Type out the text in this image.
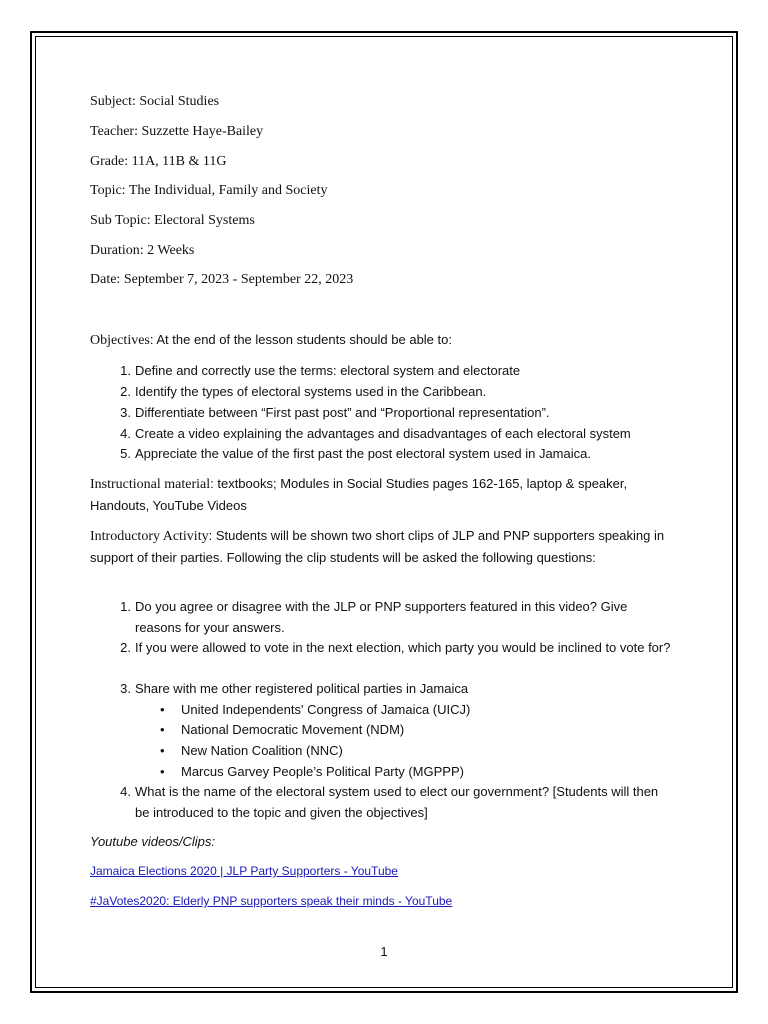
Subject: Social Studies
Teacher: Suzzette Haye-Bailey
Grade: 11A, 11B & 11G
Topic: The Individual, Family and Society
Sub Topic: Electoral Systems
Duration: 2 Weeks
Date: September 7, 2023 - September 22, 2023
Objectives: At the end of the lesson students should be able to:
1. Define and correctly use the terms: electoral system and electorate
2. Identify the types of electoral systems used in the Caribbean.
3. Differentiate between “First past post” and “Proportional representation”.
4. Create a video explaining the advantages and disadvantages of each electoral system
5. Appreciate the value of the first past the post electoral system used in Jamaica.
Instructional material: textbooks; Modules in Social Studies pages 162-165, laptop & speaker, Handouts, YouTube Videos
Introductory Activity: Students will be shown two short clips of JLP and PNP supporters speaking in support of their parties. Following the clip students will be asked the following questions:
1. Do you agree or disagree with the JLP or PNP supporters featured in this video? Give reasons for your answers.
2. If you were allowed to vote in the next election, which party you would be inclined to vote for?
3. Share with me other registered political parties in Jamaica
• United Independents' Congress of Jamaica (UICJ)
• National Democratic Movement (NDM)
• New Nation Coalition (NNC)
• Marcus Garvey People’s Political Party (MGPPP)
4. What is the name of the electoral system used to elect our government? [Students will then be introduced to the topic and given the objectives]
Youtube videos/Clips:
Jamaica Elections 2020 | JLP Party Supporters - YouTube
#JaVotes2020: Elderly PNP supporters speak their minds - YouTube
1
